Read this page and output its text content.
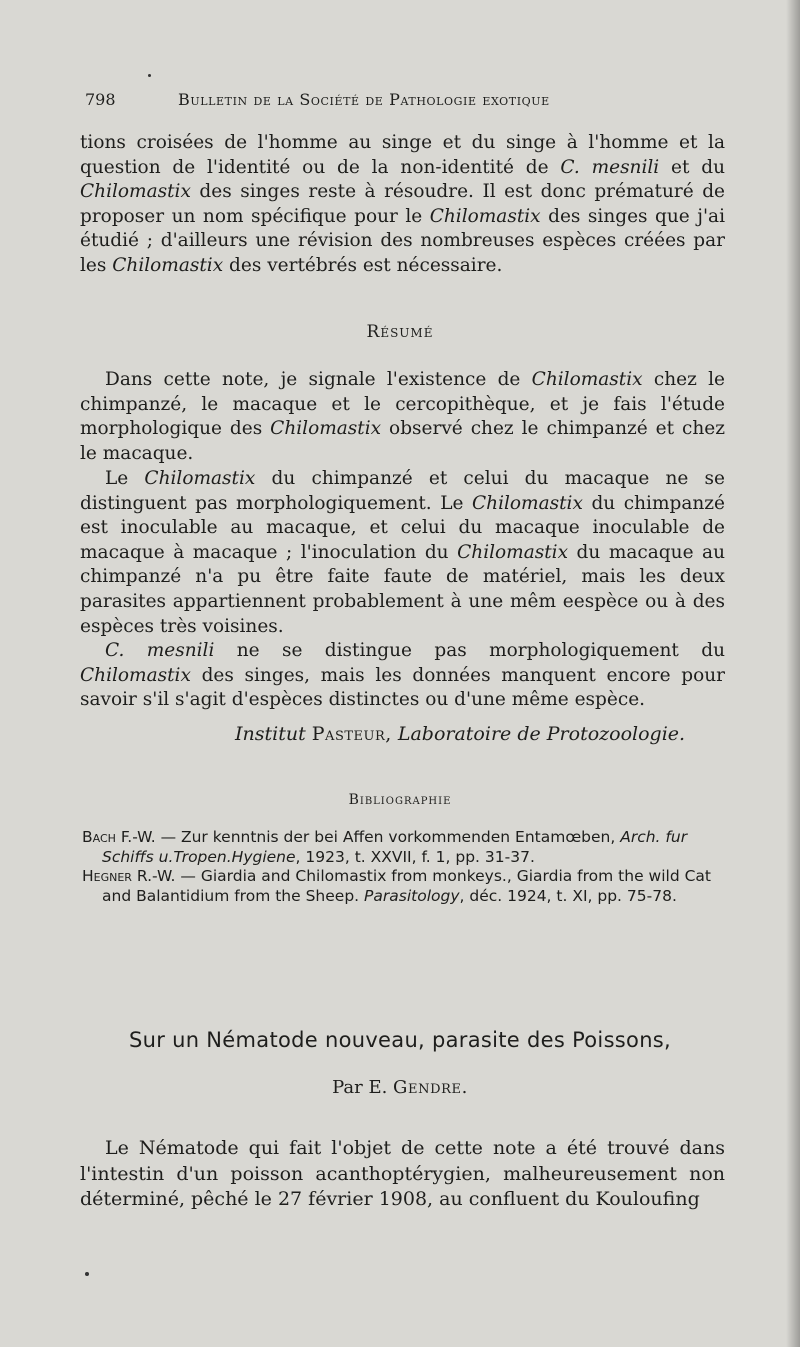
798	Bulletin de la Société de Pathologie exotique

tions croisées de l'homme au singe et du singe à l'homme et la question de l'identité ou de la non-identité de C. mesnili et du Chilomastix des singes reste à résoudre. Il est donc prématuré de proposer un nom spécifique pour le Chilomastix des singes que j'ai étudié ; d'ailleurs une révision des nombreuses espèces créées par les Chilomastix des vertébrés est nécessaire.

Résumé

Dans cette note, je signale l'existence de Chilomastix chez le chimpanzé, le macaque et le cercopithèque, et je fais l'étude morphologique des Chilomastix observé chez le chimpanzé et chez le macaque.

Le Chilomastix du chimpanzé et celui du macaque ne se distinguent pas morphologiquement. Le Chilomastix du chimpanzé est inoculable au macaque, et celui du macaque inoculable de macaque à macaque ; l'inoculation du Chilomastix du macaque au chimpanzé n'a pu être faite faute de matériel, mais les deux parasites appartiennent probablement à une mêm eespèce ou à des espèces très voisines.

C. mesnili ne se distingue pas morphologiquement du Chilomastix des singes, mais les données manquent encore pour savoir s'il s'agit d'espèces distinctes ou d'une même espèce.

Institut Pasteur, Laboratoire de Protozoologie.
Bibliographie
Bach F.-W. — Zur kenntnis der bei Affen vorkommenden Entamœben, Arch. fur Schiffs u.Tropen.Hygiene, 1923, t. XXVII, f. 1, pp. 31-37.
Hegner R.-W. — Giardia and Chilomastix from monkeys., Giardia from the wild Cat and Balantidium from the Sheep. Parasitology, déc. 1924, t. XI, pp. 75-78.
Sur un Nématode nouveau, parasite des Poissons,
Par E. Gendre.

Le Nématode qui fait l'objet de cette note a été trouvé dans l'intestin d'un poisson acanthoptérygien, malheureusement non déterminé, pêché le 27 février 1908, au confluent du Kouloufing
